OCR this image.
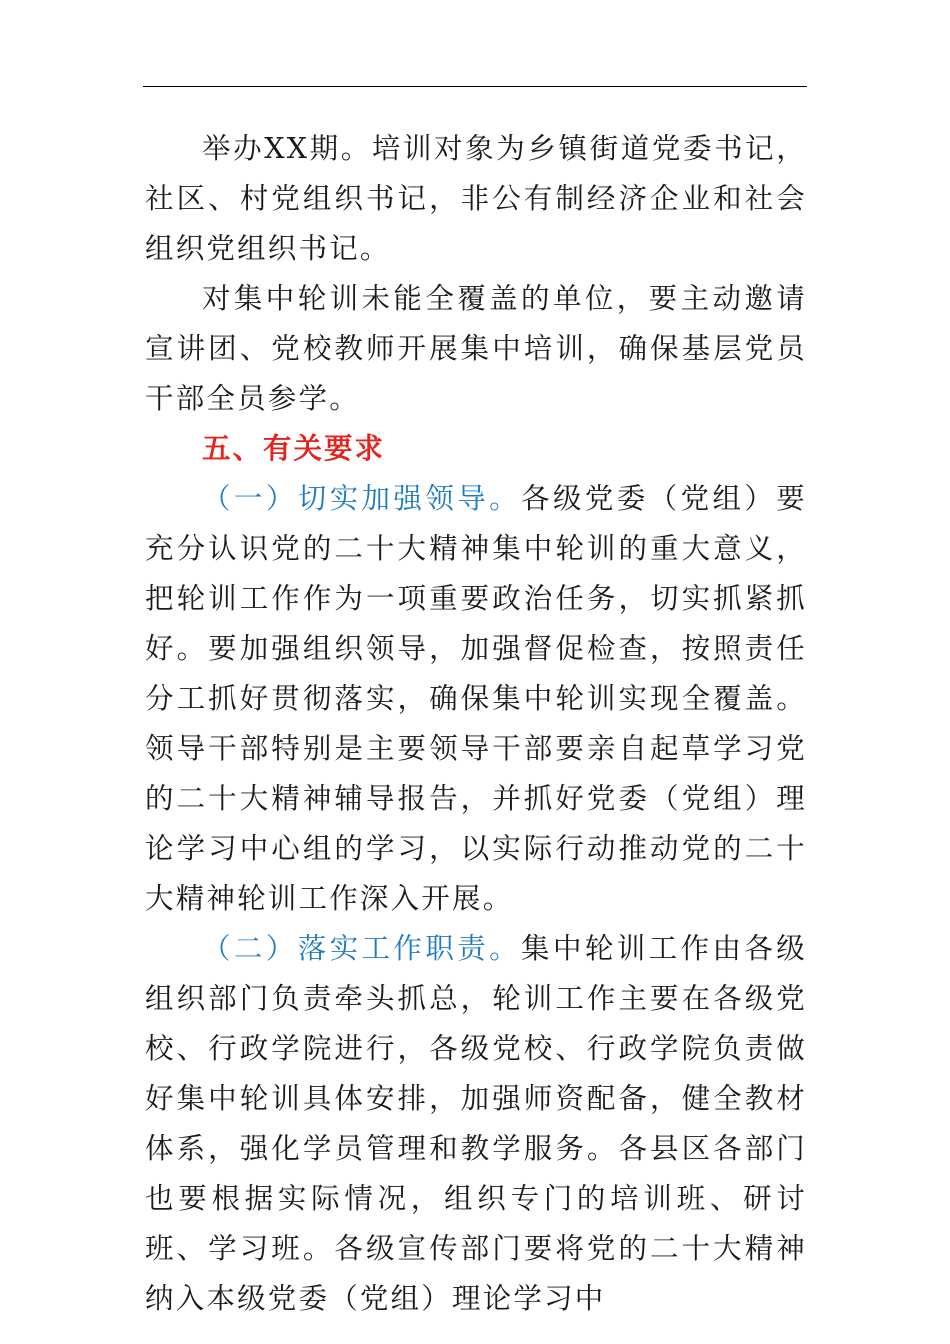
举办XX期。培训对象为乡镇街道党委书记，社区、村党组织书记，非公有制经济企业和社会组织党组织书记。

对集中轮训未能全覆盖的单位，要主动邀请宣讲团、党校教师开展集中培训，确保基层党员干部全员参学。

五、有关要求

（一）切实加强领导。各级党委（党组）要充分认识党的二十大精神集中轮训的重大意义，把轮训工作作为一项重要政治任务，切实抓紧抓好。要加强组织领导，加强督促检查，按照责任分工抓好贯彻落实，确保集中轮训实现全覆盖。领导干部特别是主要领导干部要亲自起草学习党的二十大精神辅导报告，并抓好党委（党组）理论学习中心组的学习，以实际行动推动党的二十大精神轮训工作深入开展。

（二）落实工作职责。集中轮训工作由各级组织部门负责牵头抓总，轮训工作主要在各级党校、行政学院进行，各级党校、行政学院负责做好集中轮训具体安排，加强师资配备，健全教材体系，强化学员管理和教学服务。各县区各部门也要根据实际情况，组织专门的培训班、研讨班、学习班。各级宣传部门要将党的二十大精神纳入本级党委（党组）理论学习中
